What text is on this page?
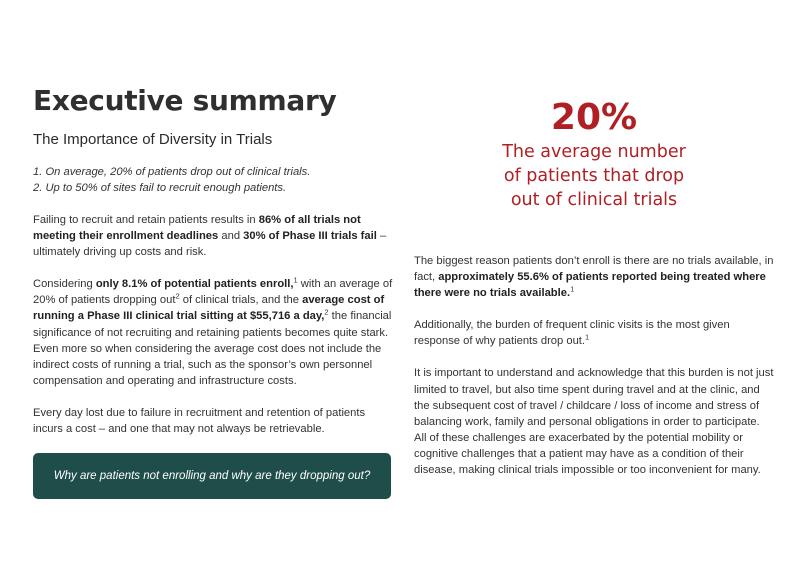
Executive summary
The Importance of Diversity in Trials
1. On average, 20% of patients drop out of clinical trials.
2. Up to 50% of sites fail to recruit enough patients.

Failing to recruit and retain patients results in 86% of all trials not meeting their enrollment deadlines and 30% of Phase III trials fail – ultimately driving up costs and risk.

Considering only 8.1% of potential patients enroll,$^1$ with an average of 20% of patients dropping out$^2$ of clinical trials, and the average cost of running a Phase III clinical trial sitting at $55,716 a day,$^2$ the financial significance of not recruiting and retaining patients becomes quite stark. Even more so when considering the average cost does not include the indirect costs of running a trial, such as the sponsor’s own personnel compensation and operating and infrastructure costs.

Every day lost due to failure in recruitment and retention of patients incurs a cost – and one that may not always be retrievable.

Why are patients not enrolling and why are they dropping out?
20%
The average number
of patients that drop
out of clinical trials

The biggest reason patients don’t enroll is there are no trials available, in fact, approximately 55.6% of patients reported being treated where there were no trials available.$^1$

Additionally, the burden of frequent clinic visits is the most given response of why patients drop out.$^1$

It is important to understand and acknowledge that this burden is not just limited to travel, but also time spent during travel and at the clinic, and the subsequent cost of travel / childcare / loss of income and stress of balancing work, family and personal obligations in order to participate. All of these challenges are exacerbated by the potential mobility or cognitive challenges that a patient may have as a condition of their disease, making clinical trials impossible or too inconvenient for many.
